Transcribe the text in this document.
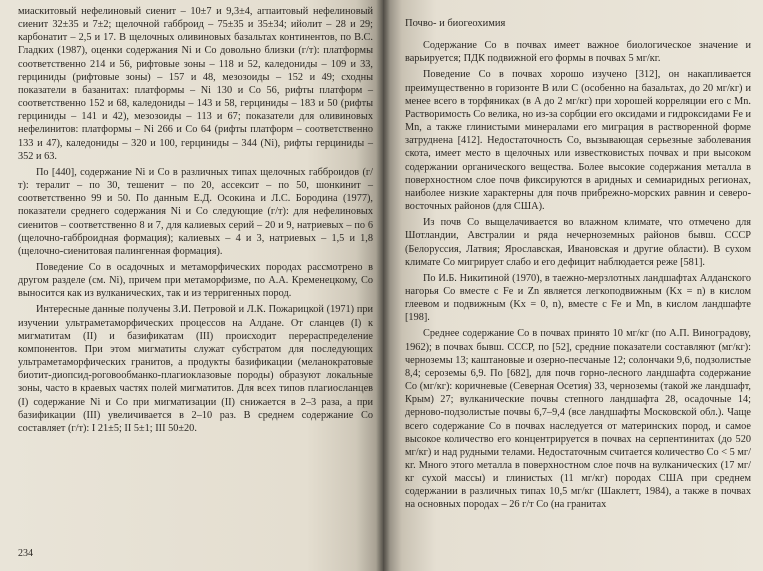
миаскитовый нефелиновый сиенит – 10±7 и 9,3±4, агпаитовый нефелиновый сиенит 32±35 и 7±2; щелочной габброид – 75±35 и 35±34; ийолит – 28 и 29; карбонатит – 2,5 и 17. В щелочных оливиновых базальтах континентов, по В.С. Гладких (1987), оценки содержания Ni и Co довольно близки (г/т): платформы соответственно 214 и 56, рифтовые зоны – 118 и 52, каледониды – 109 и 33, герциниды (рифтовые зоны) – 157 и 48, мезозоиды – 152 и 49; сходны показатели в базанитах: платформы – Ni 130 и Co 56, рифты платформ – соответственно 152 и 68, каледониды – 143 и 58, герциниды – 183 и 50 (рифты герциниды – 141 и 42), мезозоиды – 113 и 67; показатели для оливиновых нефелинитов: платформы – Ni 266 и Co 64 (рифты платформ – соответственно 133 и 47), каледониды – 320 и 100, герциниды – 344 (Ni), рифты герциниды – 352 и 63.

По [440], содержание Ni и Co в различных типах щелочных габброидов (г/т): тералит – по 30, тешенит – по 20, ассексит – по 50, шонкинит – соответственно 99 и 50. По данным Е.Д. Осокина и Л.С. Бородина (1977), показатели среднего содержания Ni и Co следующие (г/т): для нефелиновых сиенитов – соответственно 8 и 7, для калиевых серий – 20 и 9, натриевых – по 6 (щелочно-габброидная формация); калиевых – 4 и 3, натриевых – 1,5 и 1,8 (щелочно-сиенитовая палингенная формация).

Поведение Co в осадочных и метаморфических породах рассмотрено в другом разделе (см. Ni), причем при метаморфизме, по А.А. Кременецкому, Co выносится как из вулканических, так и из терригенных пород.

Интересные данные получены З.И. Петровой и Л.К. Пожарицкой (1971) при изучении ультраметаморфических процессов на Алдане. От сланцев (I) к мигматитам (II) и базификатам (III) происходит перераспределение компонентов. При этом мигматиты служат субстратом для последующих ультраметаморфических гранитов, а продукты базификации (меланократовые биотит-диопсид-роговообманко-плагиоклазовые породы) образуют локальные зоны, часто в краевых частях полей мигматитов. Для всех типов плагиосланцев (I) содержание Ni и Co при мигматизации (II) снижается в 2–3 раза, а при базификации (III) увеличивается в 2–10 раз. В среднем содержание Co составляет (г/т): I 21±5; II 5±1; III 50±20.

234
Почво- и биогеохимия

Содержание Co в почвах имеет важное биологическое значение и варьируется; ПДК подвижной его формы в почвах 5 мг/кг.

Поведение Co в почвах хорошо изучено [312], он накапливается преимущественно в горизонте B или C (особенно на базальтах, до 20 мг/кг) и менее всего в торфяниках (в A до 2 мг/кг) при хорошей корреляции его с Mn. Растворимость Co велика, но из-за сорбции его оксидами и гидроксидами Fe и Mn, а также глинистыми минералами его миграция в растворенной форме затруднена [412]. Недостаточность Co, вызывающая серьезные заболевания скота, имеет место в щелочных или известковистых почвах и при высоком содержании органического вещества. Более высокие содержания металла в поверхностном слое почв фиксируются в аридных и семиаридных регионах, наиболее низкие характерны для почв прибрежно-морских равнин и северо-восточных районов (для США).

Из почв Co выщелачивается во влажном климате, что отмечено для Шотландии, Австралии и ряда нечерноземных районов бывш. СССР (Белоруссия, Латвия; Ярославская, Ивановская и другие области). В сухом климате Co мигрирует слабо и его дефицит наблюдается реже [581].

По И.Б. Никитиной (1970), в таежно-мерзлотных ландшафтах Алданского нагорья Co вместе с Fe и Zn является легкоподвижным (Kx = n) в кислом глеевом и подвижным (Kx = 0, n), вместе с Fe и Mn, в кислом ландшафте [198].

Среднее содержание Co в почвах принято 10 мг/кг (по А.П. Виноградову, 1962); в почвах бывш. СССР, по [52], средние показатели составляют (мг/кг): черноземы 13; каштановые и озерно-песчаные 12; солончаки 9,6, подзолистые 8,4; сероземы 6,9. По [682], для почв горно-лесного ландшафта содержание Co (мг/кг): коричневые (Северная Осетия) 33, черноземы (такой же ландшафт, Крым) 27; вулканические почвы степного ландшафта 28, осадочные 14; дерново-подзолистые почвы 6,7–9,4 (все ландшафты Московской обл.). Чаще всего содержание Co в почвах наследуется от материнских пород, и самое высокое количество его концентрируется в почвах на серпентинитах (до 520 мг/кг) и над рудными телами. Недостаточным считается количество Co < 5 мг/кг. Много этого металла в поверхностном слое почв на вулканических (17 мг/кг сухой массы) и глинистых (11 мг/кг) породах США при среднем содержании в различных типах 10,5 мг/кг (Шаклетт, 1984), а также в почвах на основных породах – 26 г/т Co (на гранитах
